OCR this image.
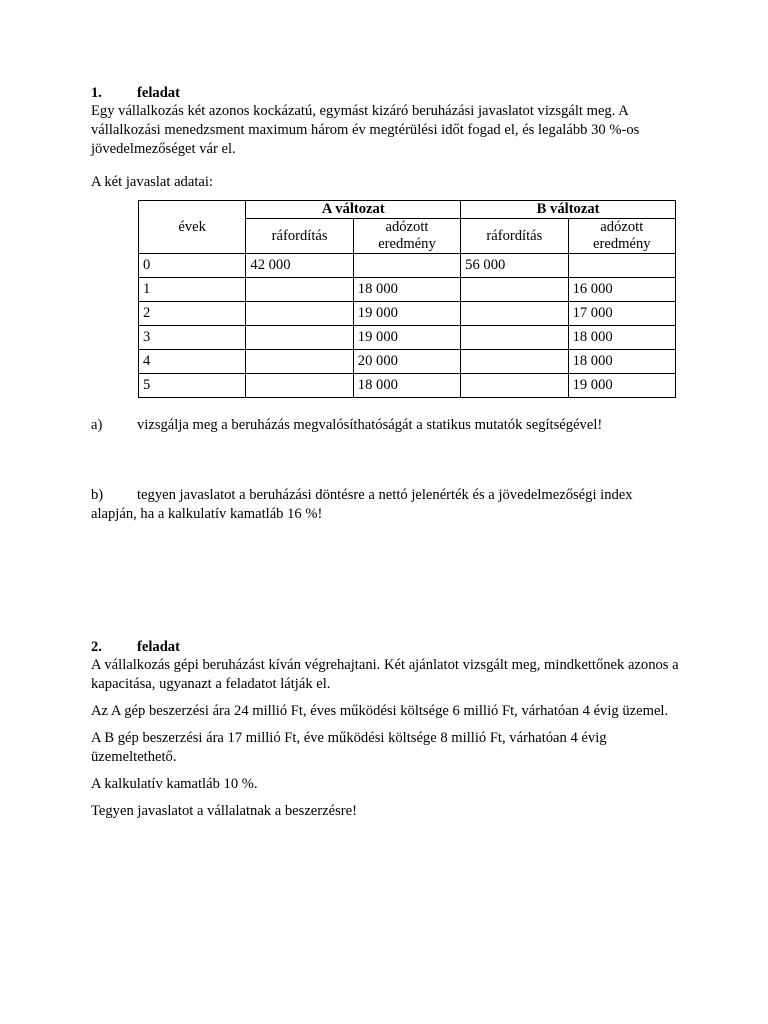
1. feladat

Egy vállalkozás két azonos kockázatú, egymást kizáró beruházási javaslatot vizsgált meg. A vállalkozási menedzsment maximum három év megtérülési időt fogad el, és legalább 30 %-os jövedelmezőséget vár el.

A két javaslat adatai:

évek	A változat		B változat	
	ráfordítás	adózott eredmény	ráfordítás	adózott eredmény
0	42 000		56 000	
1		18 000		16 000
2		19 000		17 000
3		19 000		18 000
4		20 000		18 000
5		18 000		19 000
a)	vizsgálja meg a beruházás megvalósíthatóságát a statikus mutatók segítségével!

b) tegyen javaslatot a beruházási döntésre a nettó jelenérték és a jövedelmezőségi index alapján, ha a kalkulatív kamatláb 16 %!

2. feladat

A vállalkozás gépi beruházást kíván végrehajtani. Két ajánlatot vizsgált meg, mindkettőnek azonos a kapacitása, ugyanazt a feladatot látják el.

Az A gép beszerzési ára 24 millió Ft, éves működési költsége 6 millió Ft, várhatóan 4 évig üzemel.

A B gép beszerzési ára 17 millió Ft, éve működési költsége 8 millió Ft, várhatóan 4 évig üzemeltethető.

A kalkulatív kamatláb 10 %.

Tegyen javaslatot a vállalatnak a beszerzésre!
